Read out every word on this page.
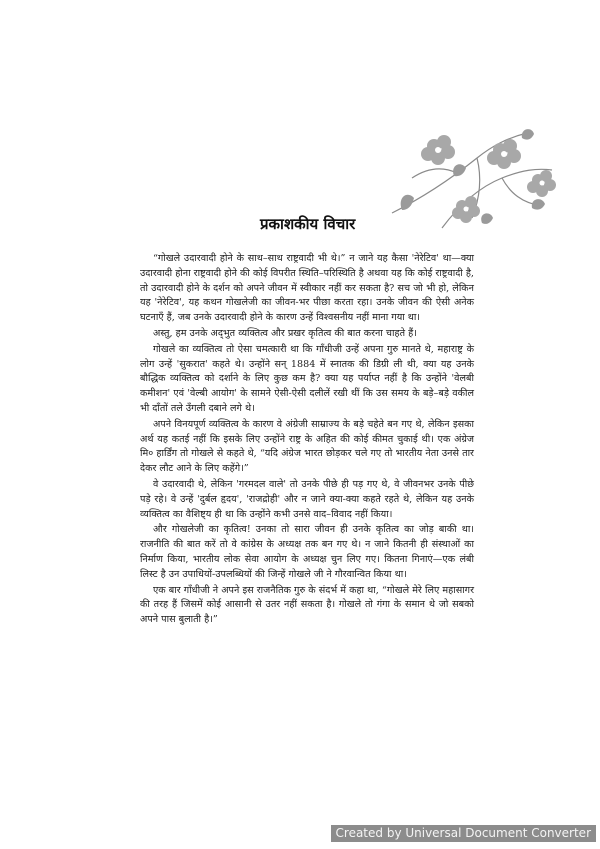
प्रकाशकीय विचार

“गोखले उदारवादी होने के साथ–साथ राष्ट्रवादी भी थे।” न जाने यह कैसा 'नेरेटिव' था—क्या उदारवादी होना राष्ट्रवादी होने की कोई विपरीत स्थिति–परिस्थिति है अथवा यह कि कोई राष्ट्रवादी है, तो उदारवादी होने के दर्शन को अपने जीवन में स्वीकार नहीं कर सकता है? सच जो भी हो, लेकिन यह 'नेरेटिव', यह कथन गोखलेजी का जीवन-भर पीछा करता रहा। उनके जीवन की ऐसी अनेक घटनाएँ हैं, जब उनके उदारवादी होने के कारण उन्हें विश्वसनीय नहीं माना गया था।

अस्तु, हम उनके अद्‌भुत व्यक्तित्व और प्रखर कृतित्व की बात करना चाहते हैं।

गोखले का व्यक्तित्व तो ऐसा चमत्कारी था कि गाँधीजी उन्हें अपना गुरु मानते थे, महाराष्ट्र के लोग उन्हें 'सुकरात' कहते थे। उन्होंने सन्‌ 1884 में स्नातक की डिग्री ली थी, क्या यह उनके बौद्धिक व्यक्तित्व को दर्शाने के लिए कुछ कम है? क्या यह पर्याप्त नहीं है कि उन्होंने 'वेलबी कमीशन' एवं 'वेल्बी आयोग' के सामने ऐसी-ऐसी दलीलें रखी थीं कि उस समय के बड़े–बड़े वकील भी दाँतों तले उँगली दबाने लगे थे।

अपने विनयपूर्ण व्यक्तित्व के कारण वे अंग्रेजी साम्राज्य के बड़े चहेते बन गए थे, लेकिन इसका अर्थ यह कतई नहीं कि इसके लिए उन्होंने राष्ट्र के अहित की कोई कीमत चुकाई थी। एक अंग्रेज मि० हार्डिंग तो गोखले से कहते थे, “यदि अंग्रेज भारत छोड़कर चले गए तो भारतीय नेता उनसे तार देकर लौट आने के लिए कहेंगे।”

वे उदारवादी थे, लेकिन 'गरमदल वाले' तो उनके पीछे ही पड़ गए थे, वे जीवनभर उनके पीछे पड़े रहे। वे उन्हें 'दुर्बल हृदय', 'राजद्रोही' और न जाने क्या-क्या कहते रहते थे, लेकिन यह उनके व्यक्तित्व का वैशिष्ट्य ही था कि उन्होंने कभी उनसे वाद–विवाद नहीं किया।

और गोखलेजी का कृतित्व! उनका तो सारा जीवन ही उनके कृतित्व का जोड़ बाकी था। राजनीति की बात करें तो वे कांग्रेस के अध्यक्ष तक बन गए थे। न जाने कितनी ही संस्थाओं का निर्माण किया, भारतीय लोक सेवा आयोग के अध्यक्ष चुन लिए गए। कितना गिनाएं—एक लंबी लिस्ट है उन उपाधियों-उपलब्धियों की जिन्हें गोखले जी ने गौरवान्वित किया था।

एक बार गाँधीजी ने अपने इस राजनैतिक गुरु के संदर्भ में कहा था, “गोखले मेरे लिए महासागर की तरह हैं जिसमें कोई आसानी से उतर नहीं सकता है। गोखले तो गंगा के समान थे जो सबको अपने पास बुलाती है।”

Created by Universal Document Converter
